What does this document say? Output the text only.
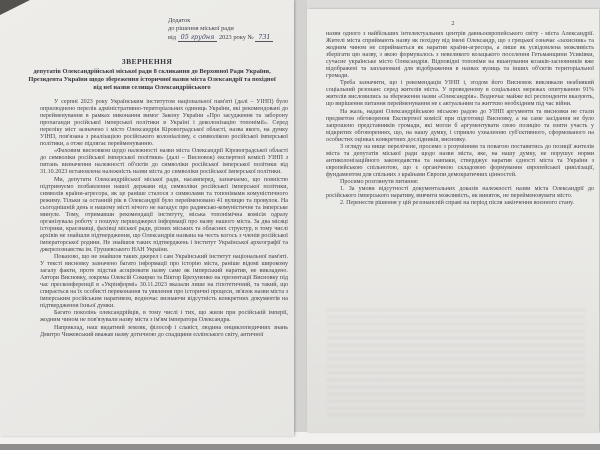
Додаток
до рішення міської ради
від 05 грудня 2023 року № 731
ЗВЕРНЕННЯ

депутатів Олександрійської міської ради 8 скликання до Верховної Ради України, Президента України щодо збереження історичної назви міста Олександрії та похідної від неї назви селища Олександрійського

У серпні 2023 року Українським інститутом національної пам'яті (далі – УІНП) було оприлюднено перелік адміністративно-територіальних одиниць України, які рекомендовані до перейменування в рамках виконання вимог Закону України «Про засудження та заборону пропаганди російської імперської політики в Україні і деколонізацію топонімії». Серед переліку міст зазначено і місто Олександрія Кіровоградської області, назва якого, на думку УІНП, пов'язана з реалізацією російського колоніалізму, є символікою російської імперської політики, а отже підлягає перейменуванню.

«Фаховим висновком щодо належності назви міста Олександрії Кіровоградської області до символіки російської імперської політики» (далі – Висновок) експертної комісії УІНП з питань визначення належності об'єктів до символіки російської імперської політики від 31.10.2023 встановлена належність назви міста до символіки російської імперської політики.

Ми, депутати Олександрійської міської ради, насамперед, зазначаємо, що повністю підтримуємо позбавлення нашої держави від символіки російської імперської політики, символів країни-агресора, як це раніше сталося з символами та топонімами комуністичного режиму. Тільки за останній рік в Олександрії було перейменовано 41 вулицю та провулок. На сьогоднішній день в нашому місті нічого не нагадує про радянсько-комуністичне та імперське минуле. Тому, отримавши рекомендації інституту, міська топонімічна комісія одразу організувала роботу з пошуку першоджерел інформації про назву нашого міста. За два місяці історики, краєзнавці, фахівці міської ради, різних міських та обласних структур, в тому числі архівів не знайшли підтвердження, що Олександрія названа на честь когось з членів російської імператорської родини. Не знайшов таких підтверджень і інститут Української археографії та джерелознавства ім. Грушевського НАН України.

Показово, що не знайшов таких джерел і сам Український інститут національної пам'яті. У тексті висновку зазначено багато інформації про історію міста, раніше відомі широкому загалу факти, проте підстав асоціювати назву саме як імперський наратив, не викладено. Автори Висновку, зокрема Олексій Сокирко та Віктор Брехуненко на презентації Висновку під час пресконференції в «Укрінформі» 30.11.2023 вказали лише на гіпотетичний, та такий, що спирається на їх особисті переконання та уявлення про історичні процеси, зв'язок назви міста з імперським російським наративом, водночас визнаючи відсутність конкретних документів на підтвердження їхньої думки.

Багато поколінь олександрійців, в тому числі і тих, що жили при російській імперії, жодним чином не пов'язували назву міста з ім'ям імператора Олександра.

Наприклад, наш видатний земляк, філософ і славіст, людина енциклопедичних знань Дмитро Чижевський вважав назву дотичною до спадщини еллінського світу, античної

2

назви одного з найбільших інтелектуальних центрів давньоєвропейського світу - міста Александрії. Жителі міста сприймають назву як похідну від імені Олександр, що з грецької означає «захисник» та жодним чином не сприймається як наратив країни-агресора, а лише як усвідомлена можливість зберігати цю назву, з якою формувалось з невеликого козацького поселення Гетьманщини Усиківки, сучасне українське місто Олександрія. Відповідні топоніми на вшанування козаків-засновників вже відображені та заплановані для відображення в назвах вулиць та інших об'єктів територіальної громади.

Треба зазначити, що і рекомендація УІНП і, згодом його Висновок викликали неабиякий соціальний резонанс серед жителів міста. У проведеному в соціальних мережах опитуванню 91% жителів висловились за збереження назви «Олександрія». Водночас майже всі респонденти вказують, що вирішення питання перейменування не є актуальним та життєво необхідним під час війни.

На жаль, надані Олександрійською міською радою до УІНП аргументи та висновки не стали предметом обговорення Експертної комісії при підготовці Висновку, а на саме засідання не було запрошено представників громади, які могли б аргументувати свою позицію та взяти участь у відкритих обговореннях, що, на нашу думку, і сприяло ухваленню суб'єктивного, сформованого на особистих оцінках конкретних дослідників, висновку.

З огляду на вище перелічене, просимо з розумінням та повагою поставитись до позиції жителів міста та депутатів міської ради щодо назви міста, яке, на нашу думку, не порушує норми антиколонізаційного законодавства та навпаки, стверджує наратив єдності міста та України з європейською спільнотою, що є органічною складовою формування європейської цивілізації, фундаментом для спільних з країнами Європи демократичних цінностей.

Просимо розглянути питання:

1. За умови відсутності документальних доказів належності назви міста Олександрії до російського імперського наративу, вивчити можливість, як виняток, не перейменовувати місто.

2. Перенести рішення у цій резонансній справі на період після закінчення воєнного стану.
